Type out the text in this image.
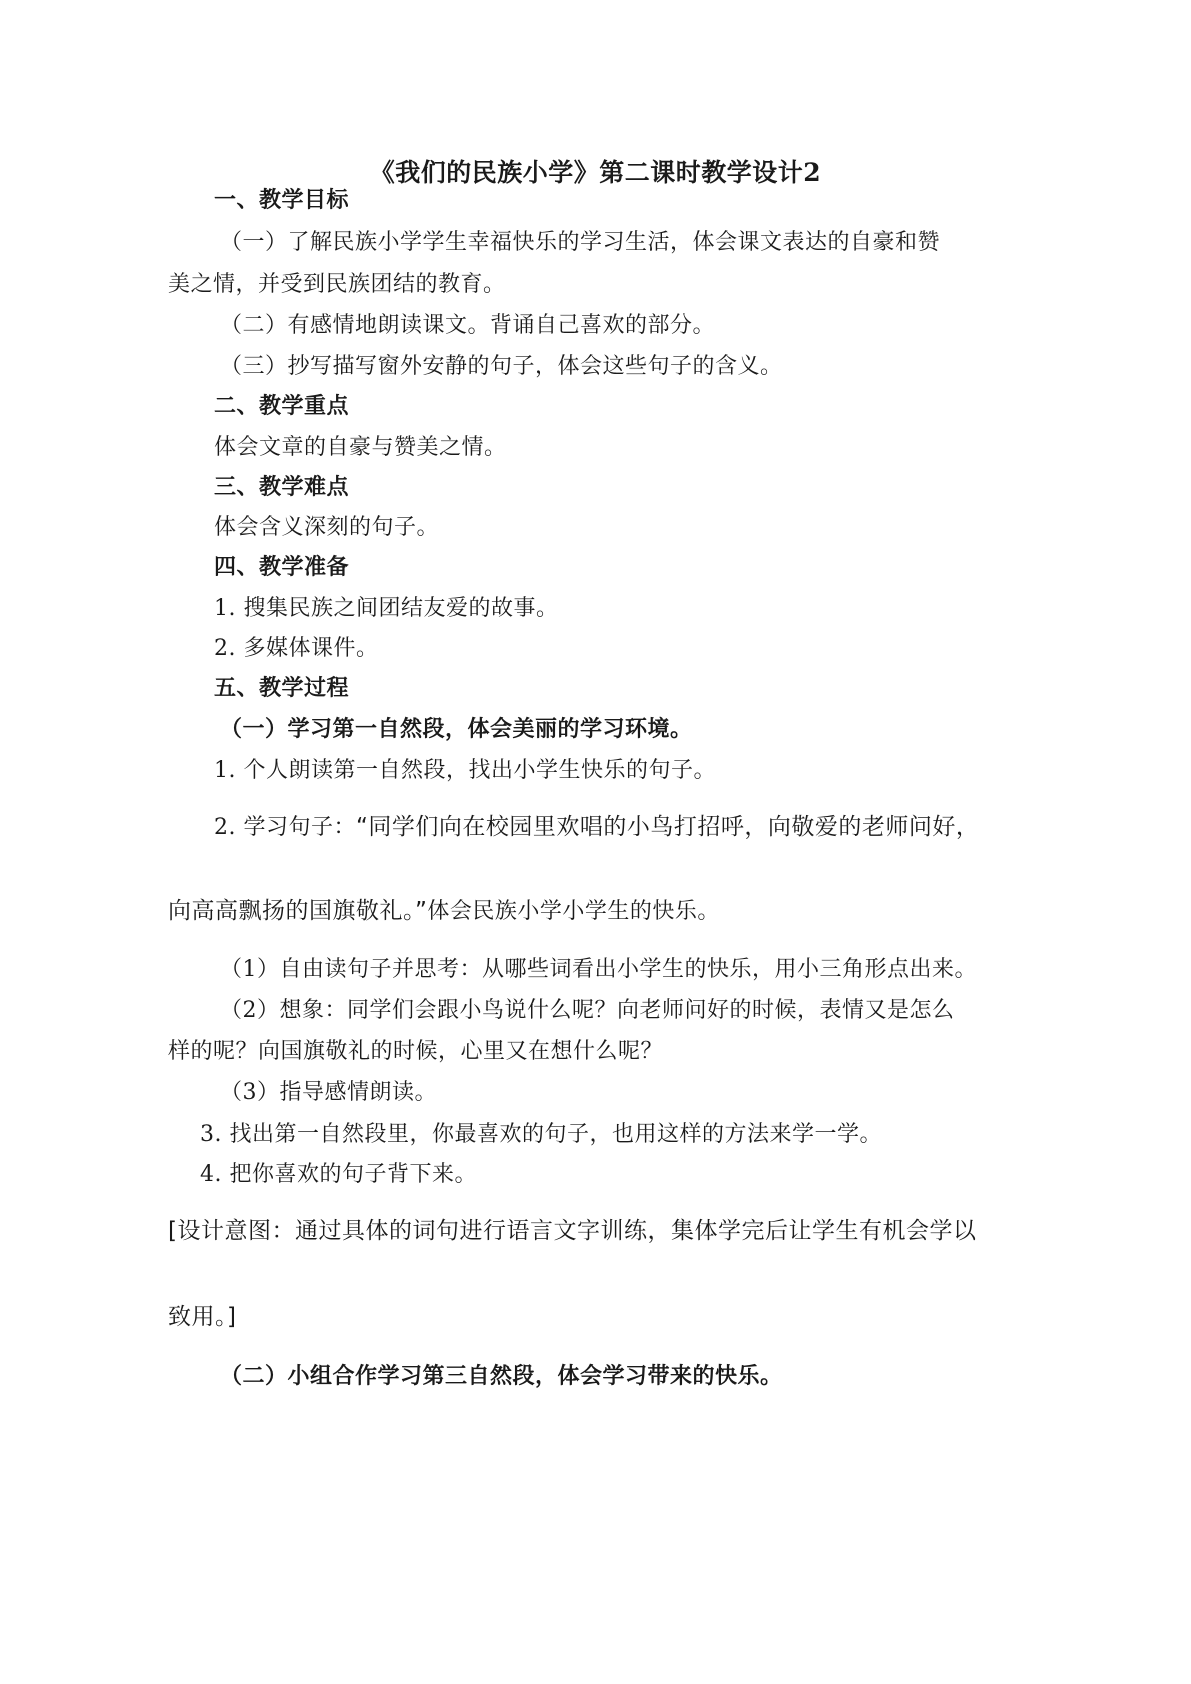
《我们的民族小学》第二课时教学设计2
一、教学目标
（一）了解民族小学学生幸福快乐的学习生活，体会课文表达的自豪和赞
美之情，并受到民族团结的教育。
（二）有感情地朗读课文。背诵自己喜欢的部分。
（三）抄写描写窗外安静的句子，体会这些句子的含义。
二、教学重点
体会文章的自豪与赞美之情。
三、教学难点
体会含义深刻的句子。
四、教学准备
1. 搜集民族之间团结友爱的故事。
2. 多媒体课件。
五、教学过程
（一）学习第一自然段，体会美丽的学习环境。
1. 个人朗读第一自然段，找出小学生快乐的句子。
2. 学习句子：“同学们向在校园里欢唱的小鸟打招呼，向敬爱的老师问好，
向高高飘扬的国旗敬礼。”体会民族小学小学生的快乐。
（1）自由读句子并思考：从哪些词看出小学生的快乐，用小三角形点出来。
（2）想象：同学们会跟小鸟说什么呢？向老师问好的时候，表情又是怎么
样的呢？向国旗敬礼的时候，心里又在想什么呢？
（3）指导感情朗读。
3. 找出第一自然段里，你最喜欢的句子，也用这样的方法来学一学。
4. 把你喜欢的句子背下来。
[设计意图：通过具体的词句进行语言文字训练，集体学完后让学生有机会学以
致用。]
（二）小组合作学习第三自然段，体会学习带来的快乐。
